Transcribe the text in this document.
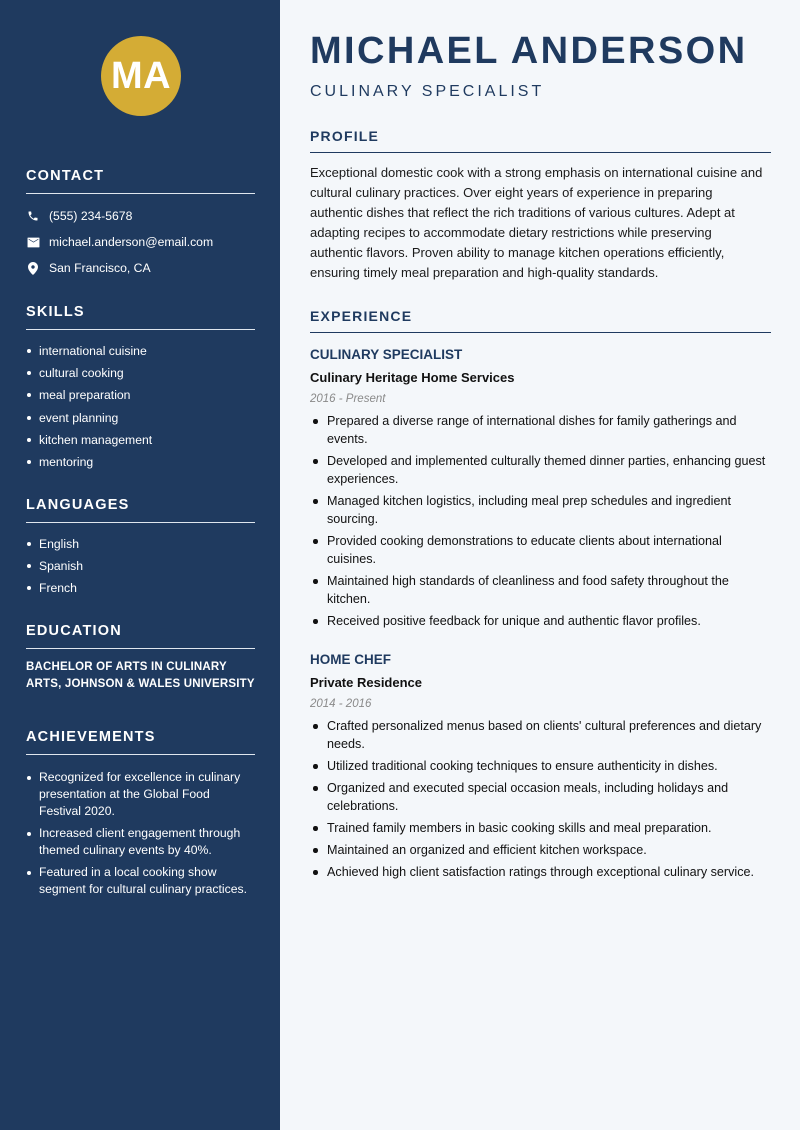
MA
CONTACT
(555) 234-5678
michael.anderson@email.com
San Francisco, CA
SKILLS
international cuisine
cultural cooking
meal preparation
event planning
kitchen management
mentoring
LANGUAGES
English
Spanish
French
EDUCATION
BACHELOR OF ARTS IN CULINARY ARTS, JOHNSON & WALES UNIVERSITY
ACHIEVEMENTS
Recognized for excellence in culinary presentation at the Global Food Festival 2020.
Increased client engagement through themed culinary events by 40%.
Featured in a local cooking show segment for cultural culinary practices.
MICHAEL ANDERSON
CULINARY SPECIALIST
PROFILE
Exceptional domestic cook with a strong emphasis on international cuisine and cultural culinary practices. Over eight years of experience in preparing authentic dishes that reflect the rich traditions of various cultures. Adept at adapting recipes to accommodate dietary restrictions while preserving authentic flavors. Proven ability to manage kitchen operations efficiently, ensuring timely meal preparation and high-quality standards.
EXPERIENCE
CULINARY SPECIALIST
Culinary Heritage Home Services
2016 - Present
Prepared a diverse range of international dishes for family gatherings and events.
Developed and implemented culturally themed dinner parties, enhancing guest experiences.
Managed kitchen logistics, including meal prep schedules and ingredient sourcing.
Provided cooking demonstrations to educate clients about international cuisines.
Maintained high standards of cleanliness and food safety throughout the kitchen.
Received positive feedback for unique and authentic flavor profiles.
HOME CHEF
Private Residence
2014 - 2016
Crafted personalized menus based on clients' cultural preferences and dietary needs.
Utilized traditional cooking techniques to ensure authenticity in dishes.
Organized and executed special occasion meals, including holidays and celebrations.
Trained family members in basic cooking skills and meal preparation.
Maintained an organized and efficient kitchen workspace.
Achieved high client satisfaction ratings through exceptional culinary service.
